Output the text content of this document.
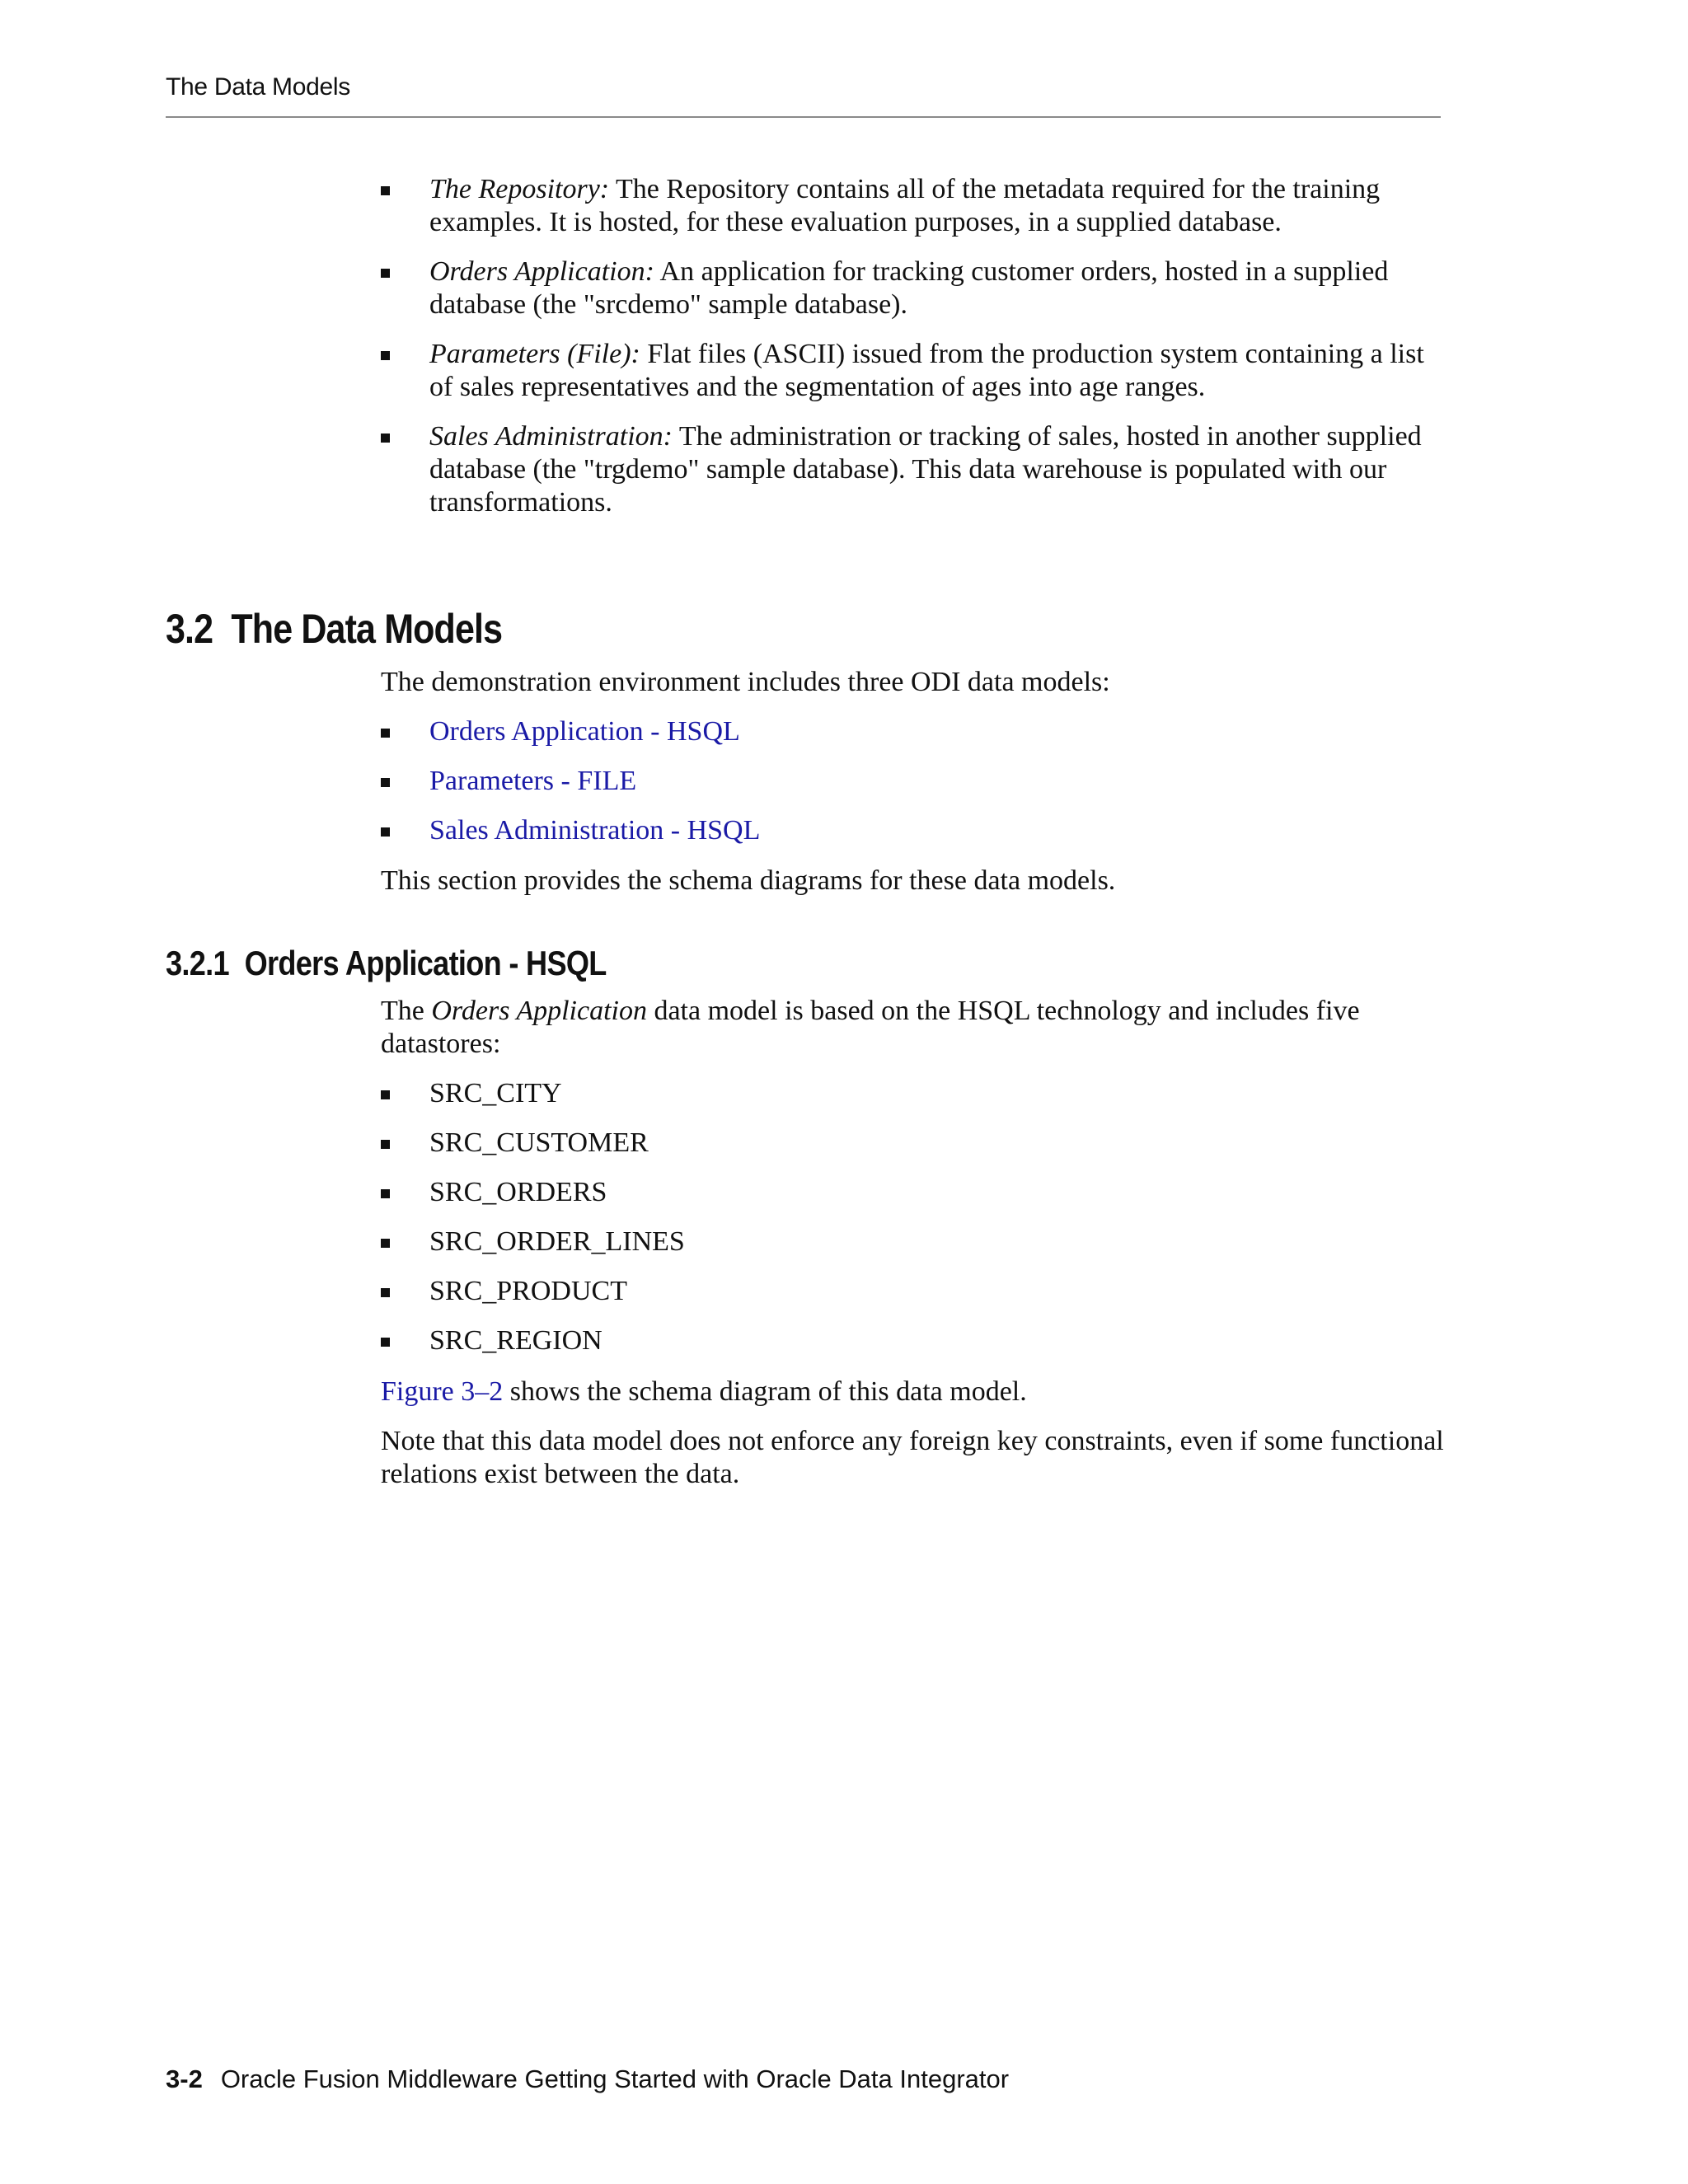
The Data Models
The Repository: The Repository contains all of the metadata required for the training examples. It is hosted, for these evaluation purposes, in a supplied database.
Orders Application: An application for tracking customer orders, hosted in a supplied database (the "srcdemo" sample database).
Parameters (File): Flat files (ASCII) issued from the production system containing a list of sales representatives and the segmentation of ages into age ranges.
Sales Administration: The administration or tracking of sales, hosted in another supplied database (the "trgdemo" sample database). This data warehouse is populated with our transformations.
3.2 The Data Models

The demonstration environment includes three ODI data models:

Orders Application - HSQL
Parameters - FILE
Sales Administration - HSQL

This section provides the schema diagrams for these data models.

3.2.1 Orders Application - HSQL

The Orders Application data model is based on the HSQL technology and includes five datastores:

SRC_CITY
SRC_CUSTOMER
SRC_ORDERS
SRC_ORDER_LINES
SRC_PRODUCT
SRC_REGION

Figure 3–2 shows the schema diagram of this data model.

Note that this data model does not enforce any foreign key constraints, even if some functional relations exist between the data.

3-2 Oracle Fusion Middleware Getting Started with Oracle Data Integrator
